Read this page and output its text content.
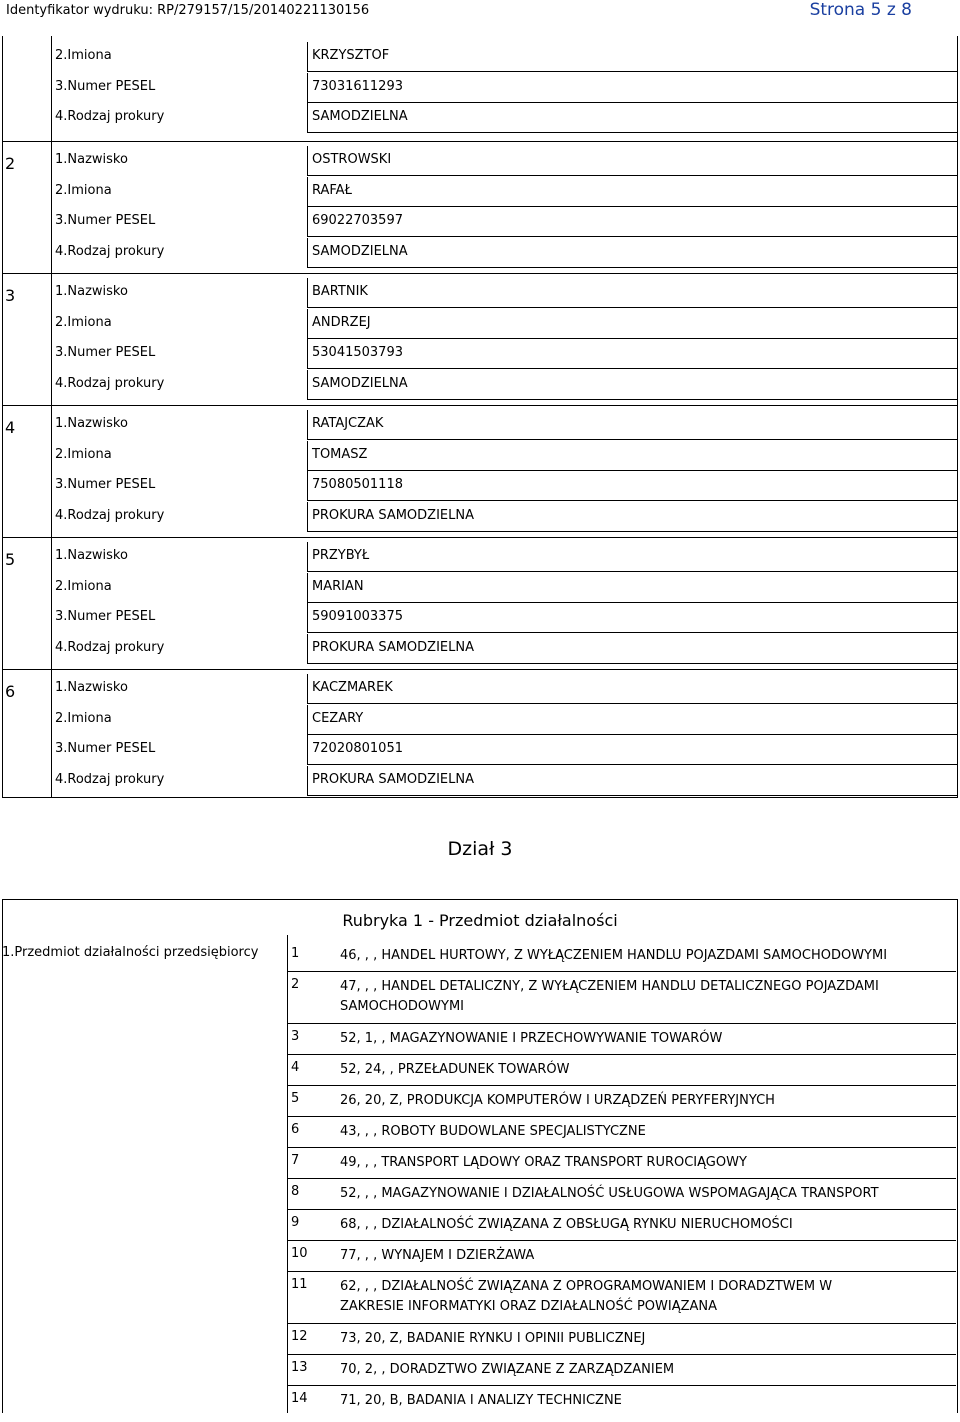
Identyfikator wydruku: RP/279157/15/20140221130156	Strona 5 z 8
2.Imiona	KRZYSZTOF
3.Numer PESEL	73031611293
4.Rodzaj prokury	SAMODZIELNA
2	1.Nazwisko	OSTROWSKI
2.Imiona	RAFAŁ
3.Numer PESEL	69022703597
4.Rodzaj prokury	SAMODZIELNA
3	1.Nazwisko	BARTNIK
2.Imiona	ANDRZEJ
3.Numer PESEL	53041503793
4.Rodzaj prokury	SAMODZIELNA
4	1.Nazwisko	RATAJCZAK
2.Imiona	TOMASZ
3.Numer PESEL	75080501118
4.Rodzaj prokury	PROKURA SAMODZIELNA
5	1.Nazwisko	PRZYBYŁ
2.Imiona	MARIAN
3.Numer PESEL	59091003375
4.Rodzaj prokury	PROKURA SAMODZIELNA
6	1.Nazwisko	KACZMAREK
2.Imiona	CEZARY
3.Numer PESEL	72020801051
4.Rodzaj prokury	PROKURA SAMODZIELNA
Dział 3
Rubryka 1 - Przedmiot działalności
1.Przedmiot działalności przedsiębiorcy	1	46, , , HANDEL HURTOWY, Z WYŁĄCZENIEM HANDLU POJAZDAMI SAMOCHODOWYMI
2	47, , , HANDEL DETALICZNY, Z WYŁĄCZENIEM HANDLU DETALICZNEGO POJAZDAMI SAMOCHODOWYMI
3	52, 1, , MAGAZYNOWANIE I PRZECHOWYWANIE TOWARÓW
4	52, 24, , PRZEŁADUNEK TOWARÓW
5	26, 20, Z, PRODUKCJA KOMPUTERÓW I URZĄDZEŃ PERYFERYJNYCH
6	43, , , ROBOTY BUDOWLANE SPECJALISTYCZNE
7	49, , , TRANSPORT LĄDOWY ORAZ TRANSPORT RUROCIĄGOWY
8	52, , , MAGAZYNOWANIE I DZIAŁALNOŚĆ USŁUGOWA WSPOMAGAJĄCA TRANSPORT
9	68, , , DZIAŁALNOŚĆ ZWIĄZANA Z OBSŁUGĄ RYNKU NIERUCHOMOŚCI
10 77, , , WYNAJEM I DZIERŻAWA
11 62, , , DZIAŁALNOŚĆ ZWIĄZANA Z OPROGRAMOWANIEM I DORADZTWEM W ZAKRESIE INFORMATYKI ORAZ DZIAŁALNOŚĆ POWIĄZANA
12 73, 20, Z, BADANIE RYNKU I OPINII PUBLICZNEJ
13 70, 2, , DORADZTWO ZWIĄZANE Z ZARZĄDZANIEM
14 71, 20, B, BADANIA I ANALIZY TECHNICZNE
